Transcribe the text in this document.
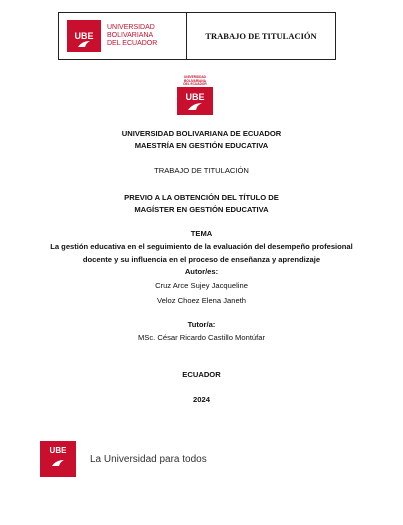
UBE
UNIVERSIDAD
BOLIVARIANA
DEL ECUADOR
TRABAJO DE TITULACIÓN
UNIVERSIDAD
BOLIVARIANA
DEL ECUADOR
UBE
UNIVERSIDAD BOLIVARIANA DE ECUADOR
MAESTRÍA EN GESTIÓN EDUCATIVA
TRABAJO DE TITULACIÓN
PREVIO A LA OBTENCIÓN DEL TÍTULO DE
MAGÍSTER EN GESTIÓN EDUCATIVA
TEMA
La gestión educativa en el seguimiento de la evaluación del desempeño profesional
docente y su influencia en el proceso de enseñanza y aprendizaje
Autor/es:
Cruz Arce Sujey Jacqueline
Veloz Choez Elena Janeth
Tutor/a:
MSc. César Ricardo Castillo Montúfar
ECUADOR
2024
UBE
La Universidad para todos
